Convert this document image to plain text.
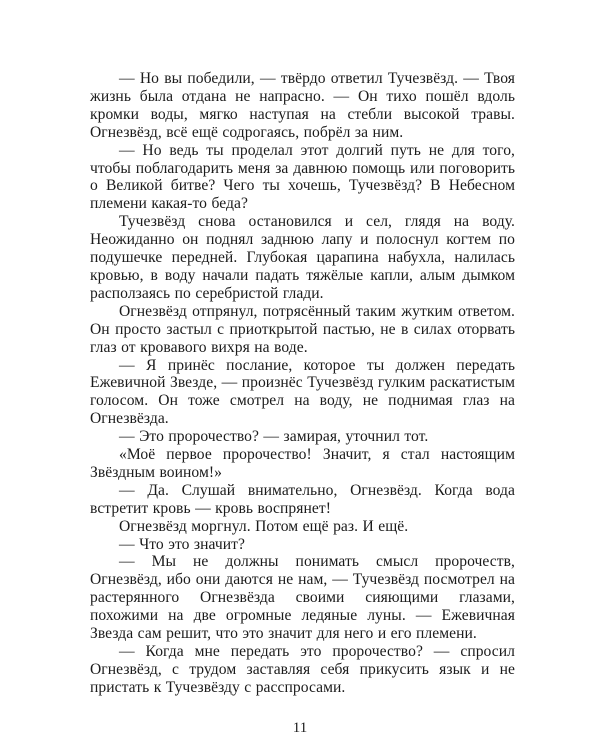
— Но вы победили, — твёрдо ответил Тучезвёзд. — Твоя жизнь была отдана не напрасно. — Он тихо пошёл вдоль кромки воды, мягко наступая на стебли высокой травы. Огнезвёзд, всё ещё содрогаясь, побрёл за ним.

— Но ведь ты проделал этот долгий путь не для того, чтобы поблагодарить меня за давнюю помощь или поговорить о Великой битве? Чего ты хочешь, Тучезвёзд? В Небесном племени какая-то беда?

Тучезвёзд снова остановился и сел, глядя на воду. Неожиданно он поднял заднюю лапу и полоснул когтем по подушечке передней. Глубокая царапина набухла, налилась кровью, в воду начали падать тяжёлые капли, алым дымком расползаясь по серебристой глади.

Огнезвёзд отпрянул, потрясённый таким жутким ответом. Он просто застыл с приоткрытой пастью, не в силах оторвать глаз от кровавого вихря на воде.

— Я принёс послание, которое ты должен передать Ежевичной Звезде, — произнёс Тучезвёзд гулким раскатистым голосом. Он тоже смотрел на воду, не поднимая глаз на Огнезвёзда.

— Это пророчество? — замирая, уточнил тот.

«Моё первое пророчество! Значит, я стал настоящим Звёздным воином!»

— Да. Слушай внимательно, Огнезвёзд. Когда вода встретит кровь — кровь воспрянет!

Огнезвёзд моргнул. Потом ещё раз. И ещё.

— Что это значит?

— Мы не должны понимать смысл пророчеств, Огнезвёзд, ибо они даются не нам, — Тучезвёзд посмотрел на растерянного Огнезвёзда своими сияющими глазами, похожими на две огромные ледяные луны. — Ежевичная Звезда сам решит, что это значит для него и его племени.

— Когда мне передать это пророчество? — спросил Огнезвёзд, с трудом заставляя себя прикусить язык и не пристать к Тучезвёзду с расспросами.

11
